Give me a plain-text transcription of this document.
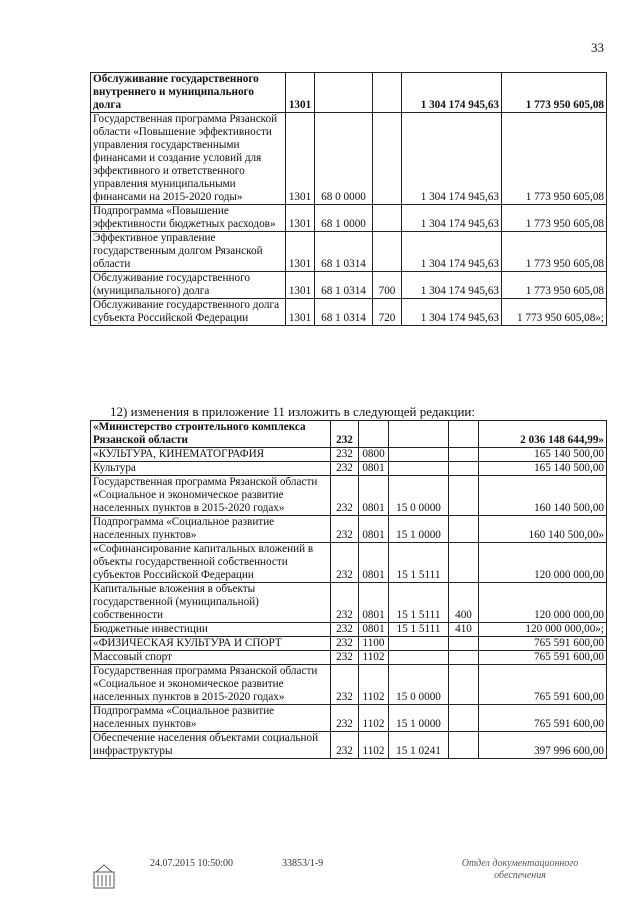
33
Обслуживание государственного внутреннего и муниципального долга	1301			1 304 174 945,63	1 773 950 605,08
Государственная программа Рязанской области «Повышение эффективности управления государственными финансами и создание условий для эффективного и ответственного управления муниципальными финансами на 2015-2020 годы»	1301	68 0 0000		1 304 174 945,63	1 773 950 605,08
Подпрограмма «Повышение эффективности бюджетных расходов»	1301	68 1 0000		1 304 174 945,63	1 773 950 605,08
Эффективное управление государственным долгом Рязанской области	1301	68 1 0314		1 304 174 945,63	1 773 950 605,08
Обслуживание государственного (муниципального) долга	1301	68 1 0314	700	1 304 174 945,63	1 773 950 605,08
Обслуживание государственного долга субъекта Российской Федерации	1301	68 1 0314	720	1 304 174 945,63	1 773 950 605,08»;
12) изменения в приложение 11 изложить в следующей редакции:
«Министерство строительного комплекса Рязанской области	232				2 036 148 644,99»
«КУЛЬТУРА, КИНЕМАТОГРАФИЯ	232	0800			165 140 500,00
Культура	232	0801			165 140 500,00
Государственная программа Рязанской области «Социальное и экономическое развитие населенных пунктов в 2015-2020 годах»	232	0801	15 0 0000		160 140 500,00
Подпрограмма «Социальное развитие населенных пунктов»	232	0801	15 1 0000		160 140 500,00»
«Софинансирование капитальных вложений в объекты государственной собственности субъектов Российской Федерации	232	0801	15 1 5111		120 000 000,00
Капитальные вложения в объекты государственной (муниципальной) собственности	232	0801	15 1 5111	400	120 000 000,00
Бюджетные инвестиции	232	0801	15 1 5111	410	120 000 000,00»;
«ФИЗИЧЕСКАЯ КУЛЬТУРА И СПОРТ	232	1100			765 591 600,00
Массовый спорт	232	1102			765 591 600,00
Государственная программа Рязанской области «Социальное и экономическое развитие населенных пунктов в 2015-2020 годах»	232	1102	15 0 0000		765 591 600,00
Подпрограмма «Социальное развитие населенных пунктов»	232	1102	15 1 0000		765 591 600,00
Обеспечение населения объектами социальной инфраструктуры	232	1102	15 1 0241		397 996 600,00
24.07.2015 10:50:00	33853/1-9	Отдел документационного обеспечения
